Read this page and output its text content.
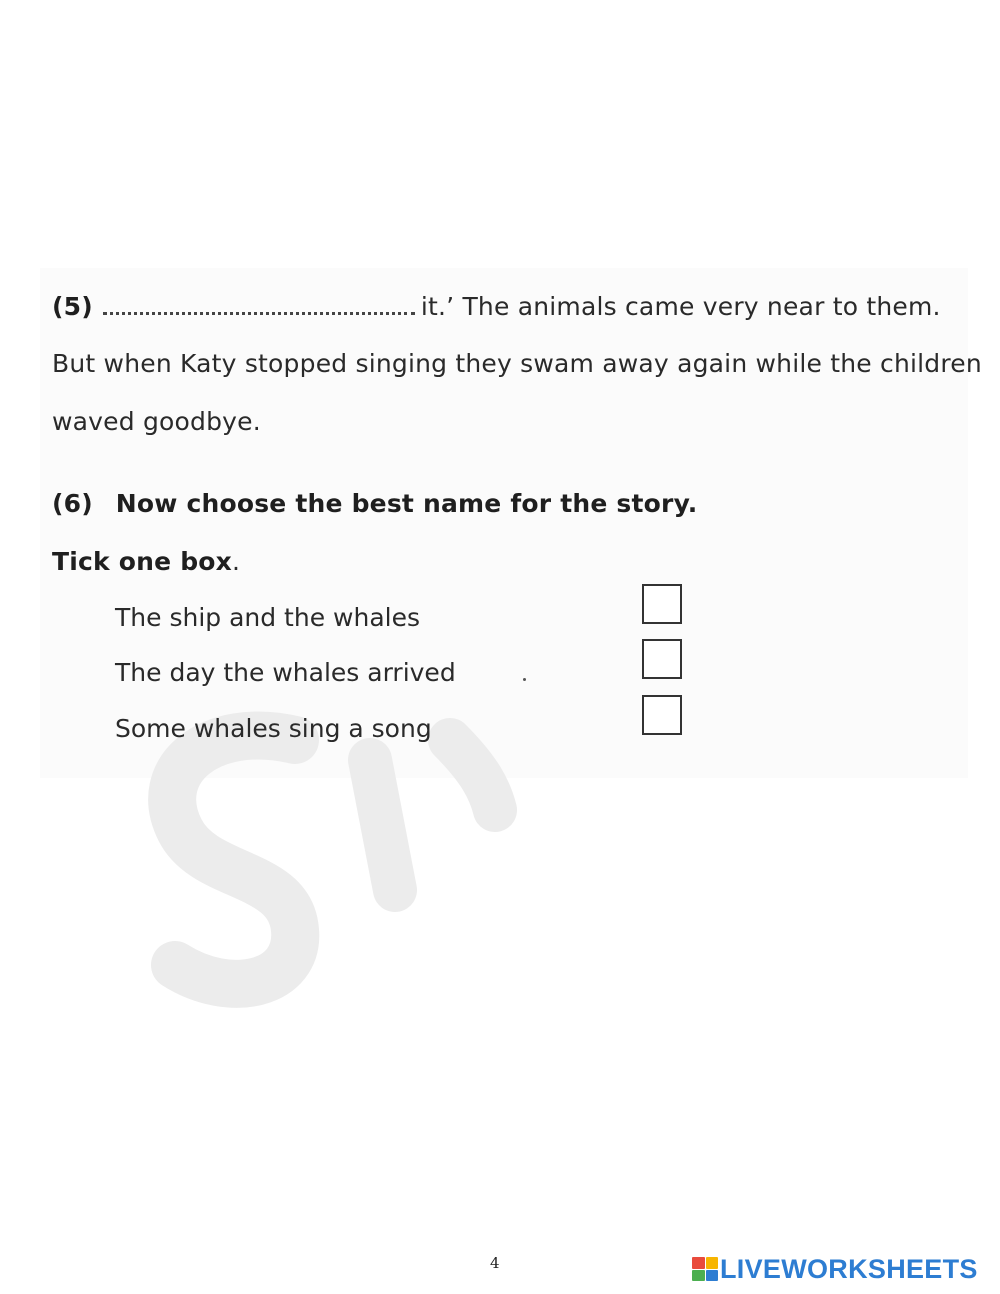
(5)	it.’ The animals came very near to them.
But when Katy stopped singing they swam away again while the children
waved goodbye.
(6) Now choose the best name for the story.
Tick one box.
The ship and the whales
The day the whales arrived
Some whales sing a song
4	LIVEWORKSHEETS
